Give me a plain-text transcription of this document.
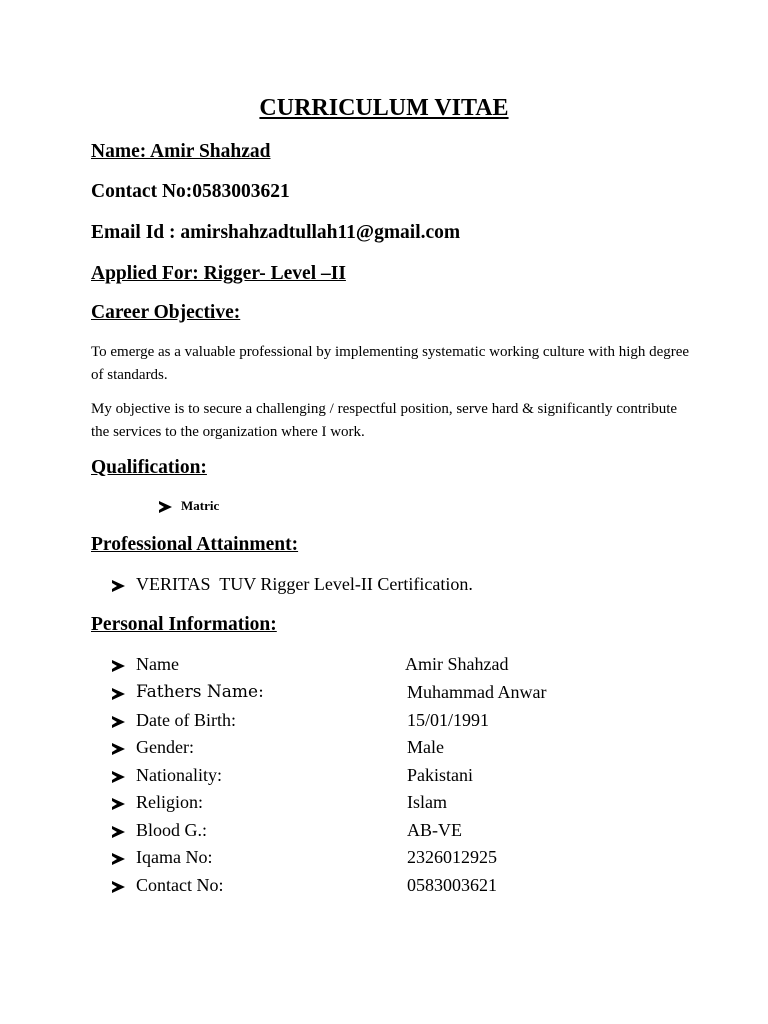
CURRICULUM VITAE
Name: Amir Shahzad
Contact No:0583003621
Email Id : amirshahzadtullah11@gmail.com
Applied For: Rigger- Level –II
Career Objective:
To emerge as a valuable professional by implementing systematic working culture with high degree of standards.
My objective is to secure a challenging / respectful position, serve hard & significantly contribute the services to the organization where I work.
Qualification:
Matric
Professional Attainment:
VERITAS  TUV Rigger Level-II Certification.
Personal Information:
Name	Amir Shahzad
Fathers Name:	Muhammad Anwar
Date of Birth:	15/01/1991
Gender:	Male
Nationality:	Pakistani
Religion:	Islam
Blood G.:	AB-VE
Iqama No:	2326012925
Contact No:	0583003621
